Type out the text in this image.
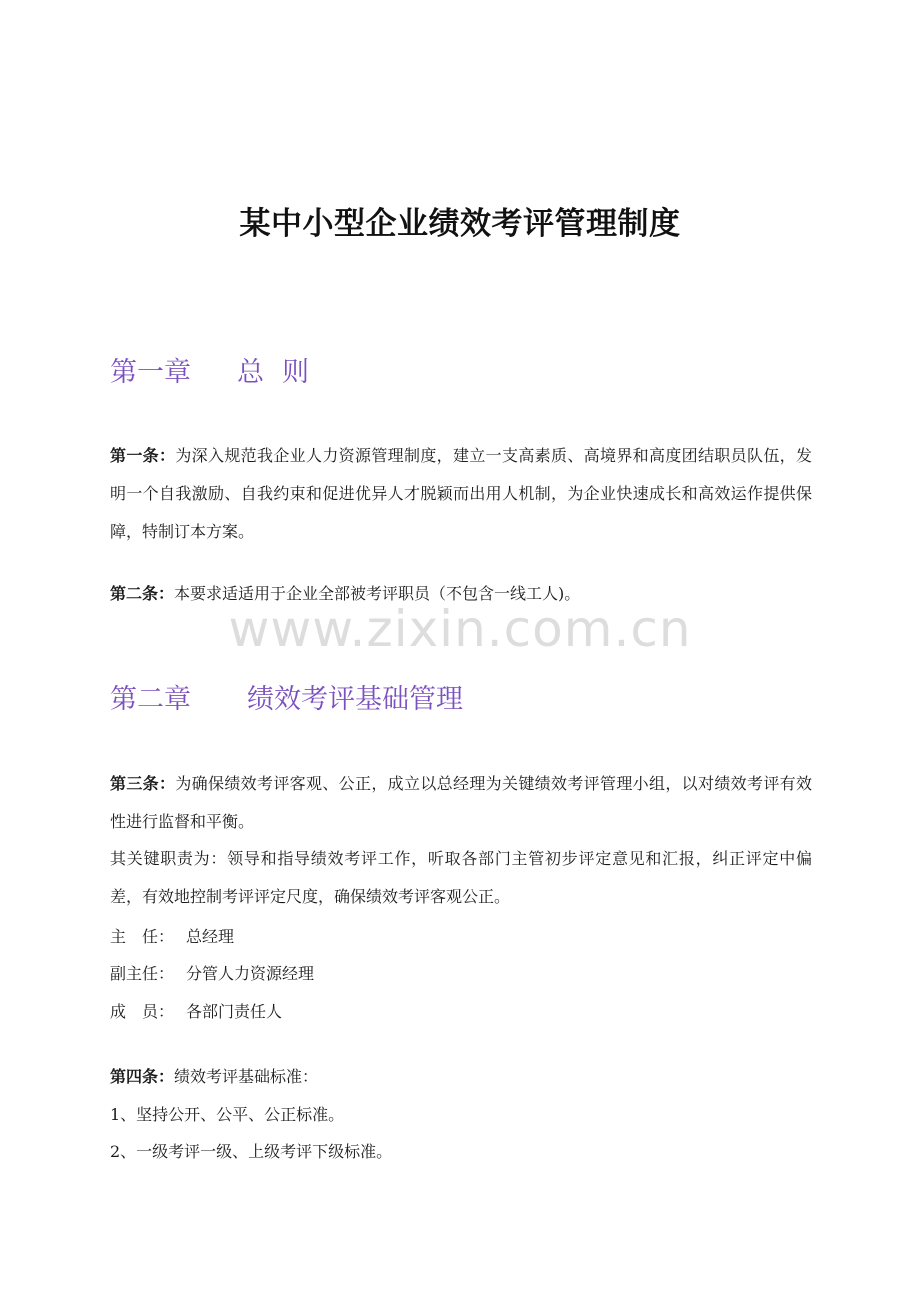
www.zixin.com.cn
某中小型企业绩效考评管理制度
第一章 总则
第一条：为深入规范我企业人力资源管理制度，建立一支高素质、高境界和高度团结职员队伍，发明一个自我激励、自我约束和促进优异人才脱颖而出用人机制，为企业快速成长和高效运作提供保障，特制订本方案。
第二条：本要求适适用于企业全部被考评职员（不包含一线工人)。
第二章 绩效考评基础管理
第三条：为确保绩效考评客观、公正，成立以总经理为关键绩效考评管理小组，以对绩效考评有效性进行监督和平衡。
其关键职责为：领导和指导绩效考评工作，听取各部门主管初步评定意见和汇报，纠正评定中偏差，有效地控制考评评定尺度，确保绩效考评客观公正。
主　任： 总经理
副主任： 分管人力资源经理
成　员： 各部门责任人
第四条：绩效考评基础标准：
1、坚持公开、公平、公正标准。
2、一级考评一级、上级考评下级标准。
